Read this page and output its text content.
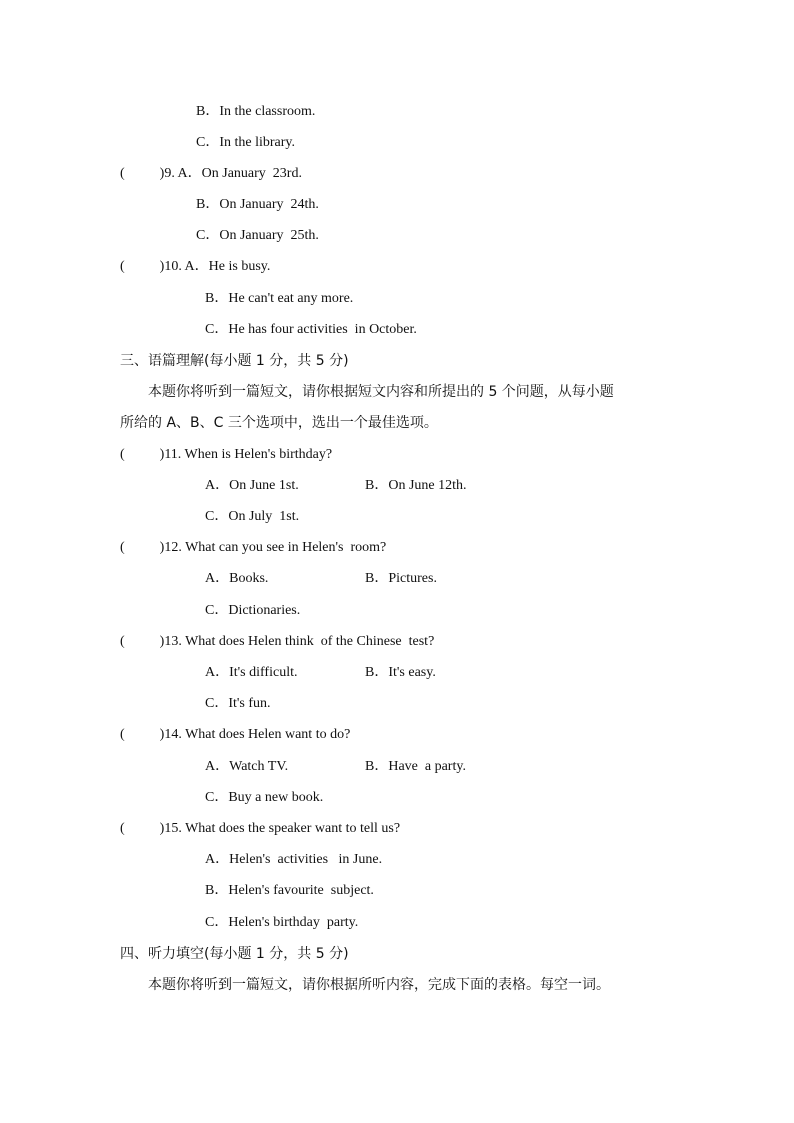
B．In the classroom.
C．In the library.
(          )9. A．On January  23rd.
B．On January  24th.
C．On January  25th.
(          )10. A．He is busy.
B．He can't eat any more.
C．He has four activities  in October.
三、语篇理解(每小题 1 分，共 5 分)
本题你将听到一篇短文，请你根据短文内容和所提出的 5 个问题，从每小题
所给的 A、B、C 三个选项中，选出一个最佳选项。
(          )11. When is Helen's birthday?
A．On June 1st.	B．On June 12th.
C．On July  1st.
(          )12. What can you see in Helen's  room?
A．Books.	B．Pictures.
C．Dictionaries.
(          )13. What does Helen think  of the Chinese  test?
A．It's difficult.	B．It's easy.
C．It's fun.
(          )14. What does Helen want to do?
A．Watch TV.	B．Have  a party.
C．Buy a new book.
(          )15. What does the speaker want to tell us?
A．Helen's  activities   in June.
B．Helen's favourite  subject.
C．Helen's birthday  party.
四、听力填空(每小题 1 分，共 5 分)
本题你将听到一篇短文，请你根据所听内容，完成下面的表格。每空一词。
